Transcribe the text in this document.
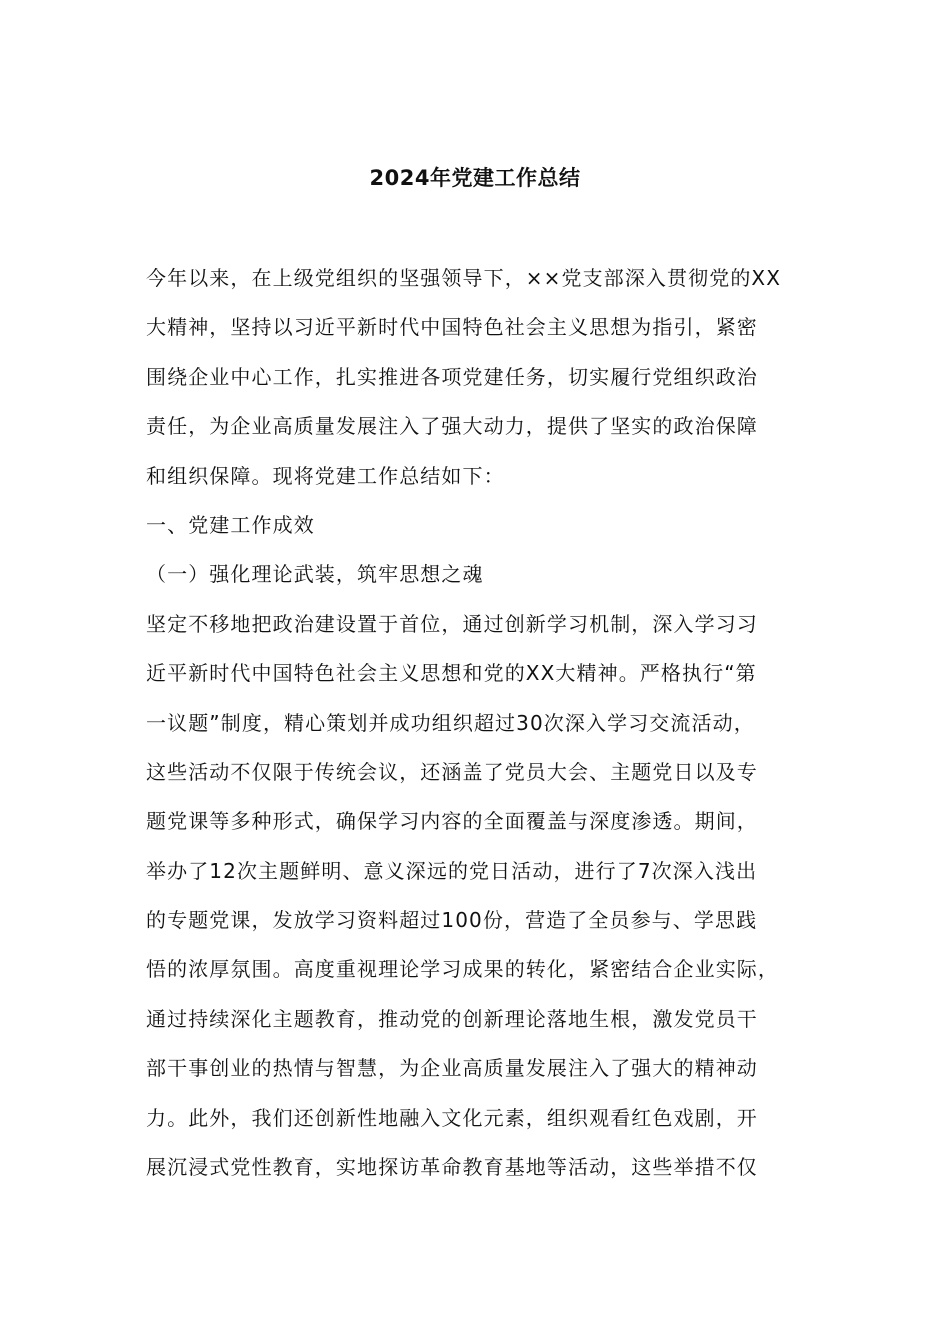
2024年党建工作总结
今年以来，在上级党组织的坚强领导下，××党支部深入贯彻党的XX
大精神，坚持以习近平新时代中国特色社会主义思想为指引，紧密
围绕企业中心工作，扎实推进各项党建任务，切实履行党组织政治
责任，为企业高质量发展注入了强大动力，提供了坚实的政治保障
和组织保障。现将党建工作总结如下：
一、党建工作成效
（一）强化理论武装，筑牢思想之魂
坚定不移地把政治建设置于首位，通过创新学习机制，深入学习习
近平新时代中国特色社会主义思想和党的XX大精神。严格执行“第
一议题”制度，精心策划并成功组织超过30次深入学习交流活动，
这些活动不仅限于传统会议，还涵盖了党员大会、主题党日以及专
题党课等多种形式，确保学习内容的全面覆盖与深度渗透。期间，
举办了12次主题鲜明、意义深远的党日活动，进行了7次深入浅出
的专题党课，发放学习资料超过100份，营造了全员参与、学思践
悟的浓厚氛围。高度重视理论学习成果的转化，紧密结合企业实际，
通过持续深化主题教育，推动党的创新理论落地生根，激发党员干
部干事创业的热情与智慧，为企业高质量发展注入了强大的精神动
力。此外，我们还创新性地融入文化元素，组织观看红色戏剧，开
展沉浸式党性教育，实地探访革命教育基地等活动，这些举措不仅
